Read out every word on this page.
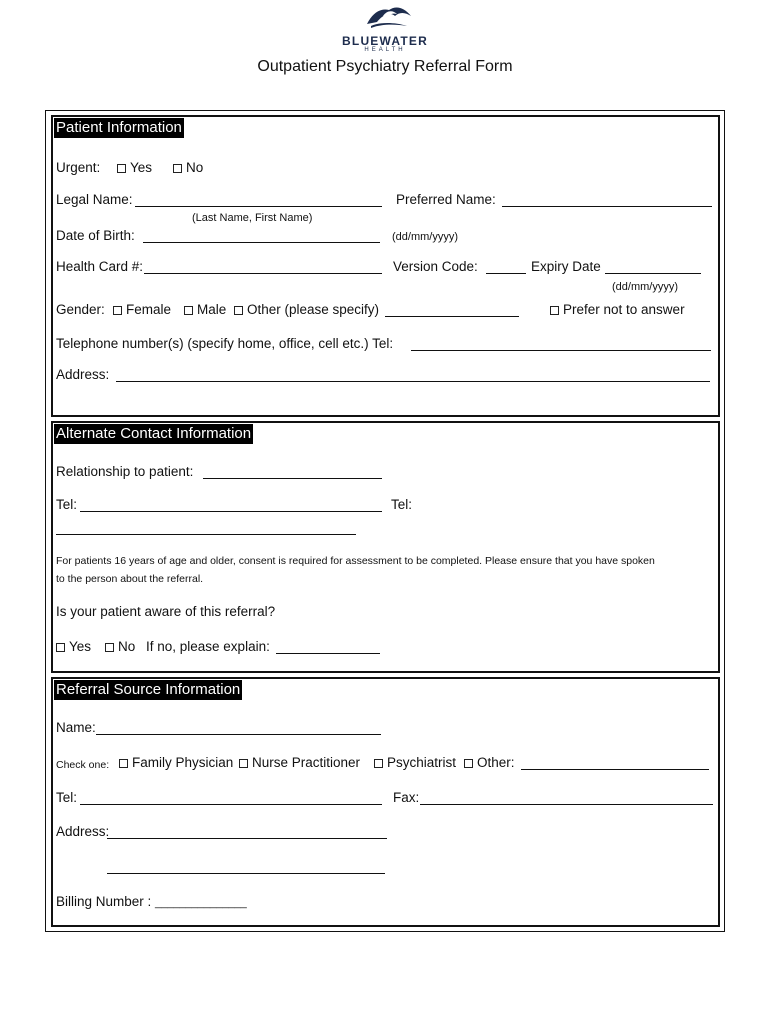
BLUEWATER
HEALTH
Outpatient Psychiatry Referral Form
Patient Information
Urgent:	Yes	No
Legal Name:
(Last Name, First Name)
Preferred Name:
Date of Birth:	(dd/mm/yyyy)
Health Card #:	Version Code:	Expiry Date
(dd/mm/yyyy)
Gender:	Female	Male	Other (please specify)	Prefer not to answer
Telephone number(s) (specify home, office, cell etc.) Tel:
Address:
Alternate Contact Information
Relationship to patient:
Tel:	Tel:
For patients 16 years of age and older, consent is required for assessment to be completed. Please ensure that you have spoken
to the person about the referral.
Is your patient aware of this referral?
Yes	No If no, please explain:
Referral Source Information
Name:
Check one:	Family Physician	Nurse Practitioner	Psychiatrist	Other:
Tel:	Fax:
Address:
Billing Number : _______________
